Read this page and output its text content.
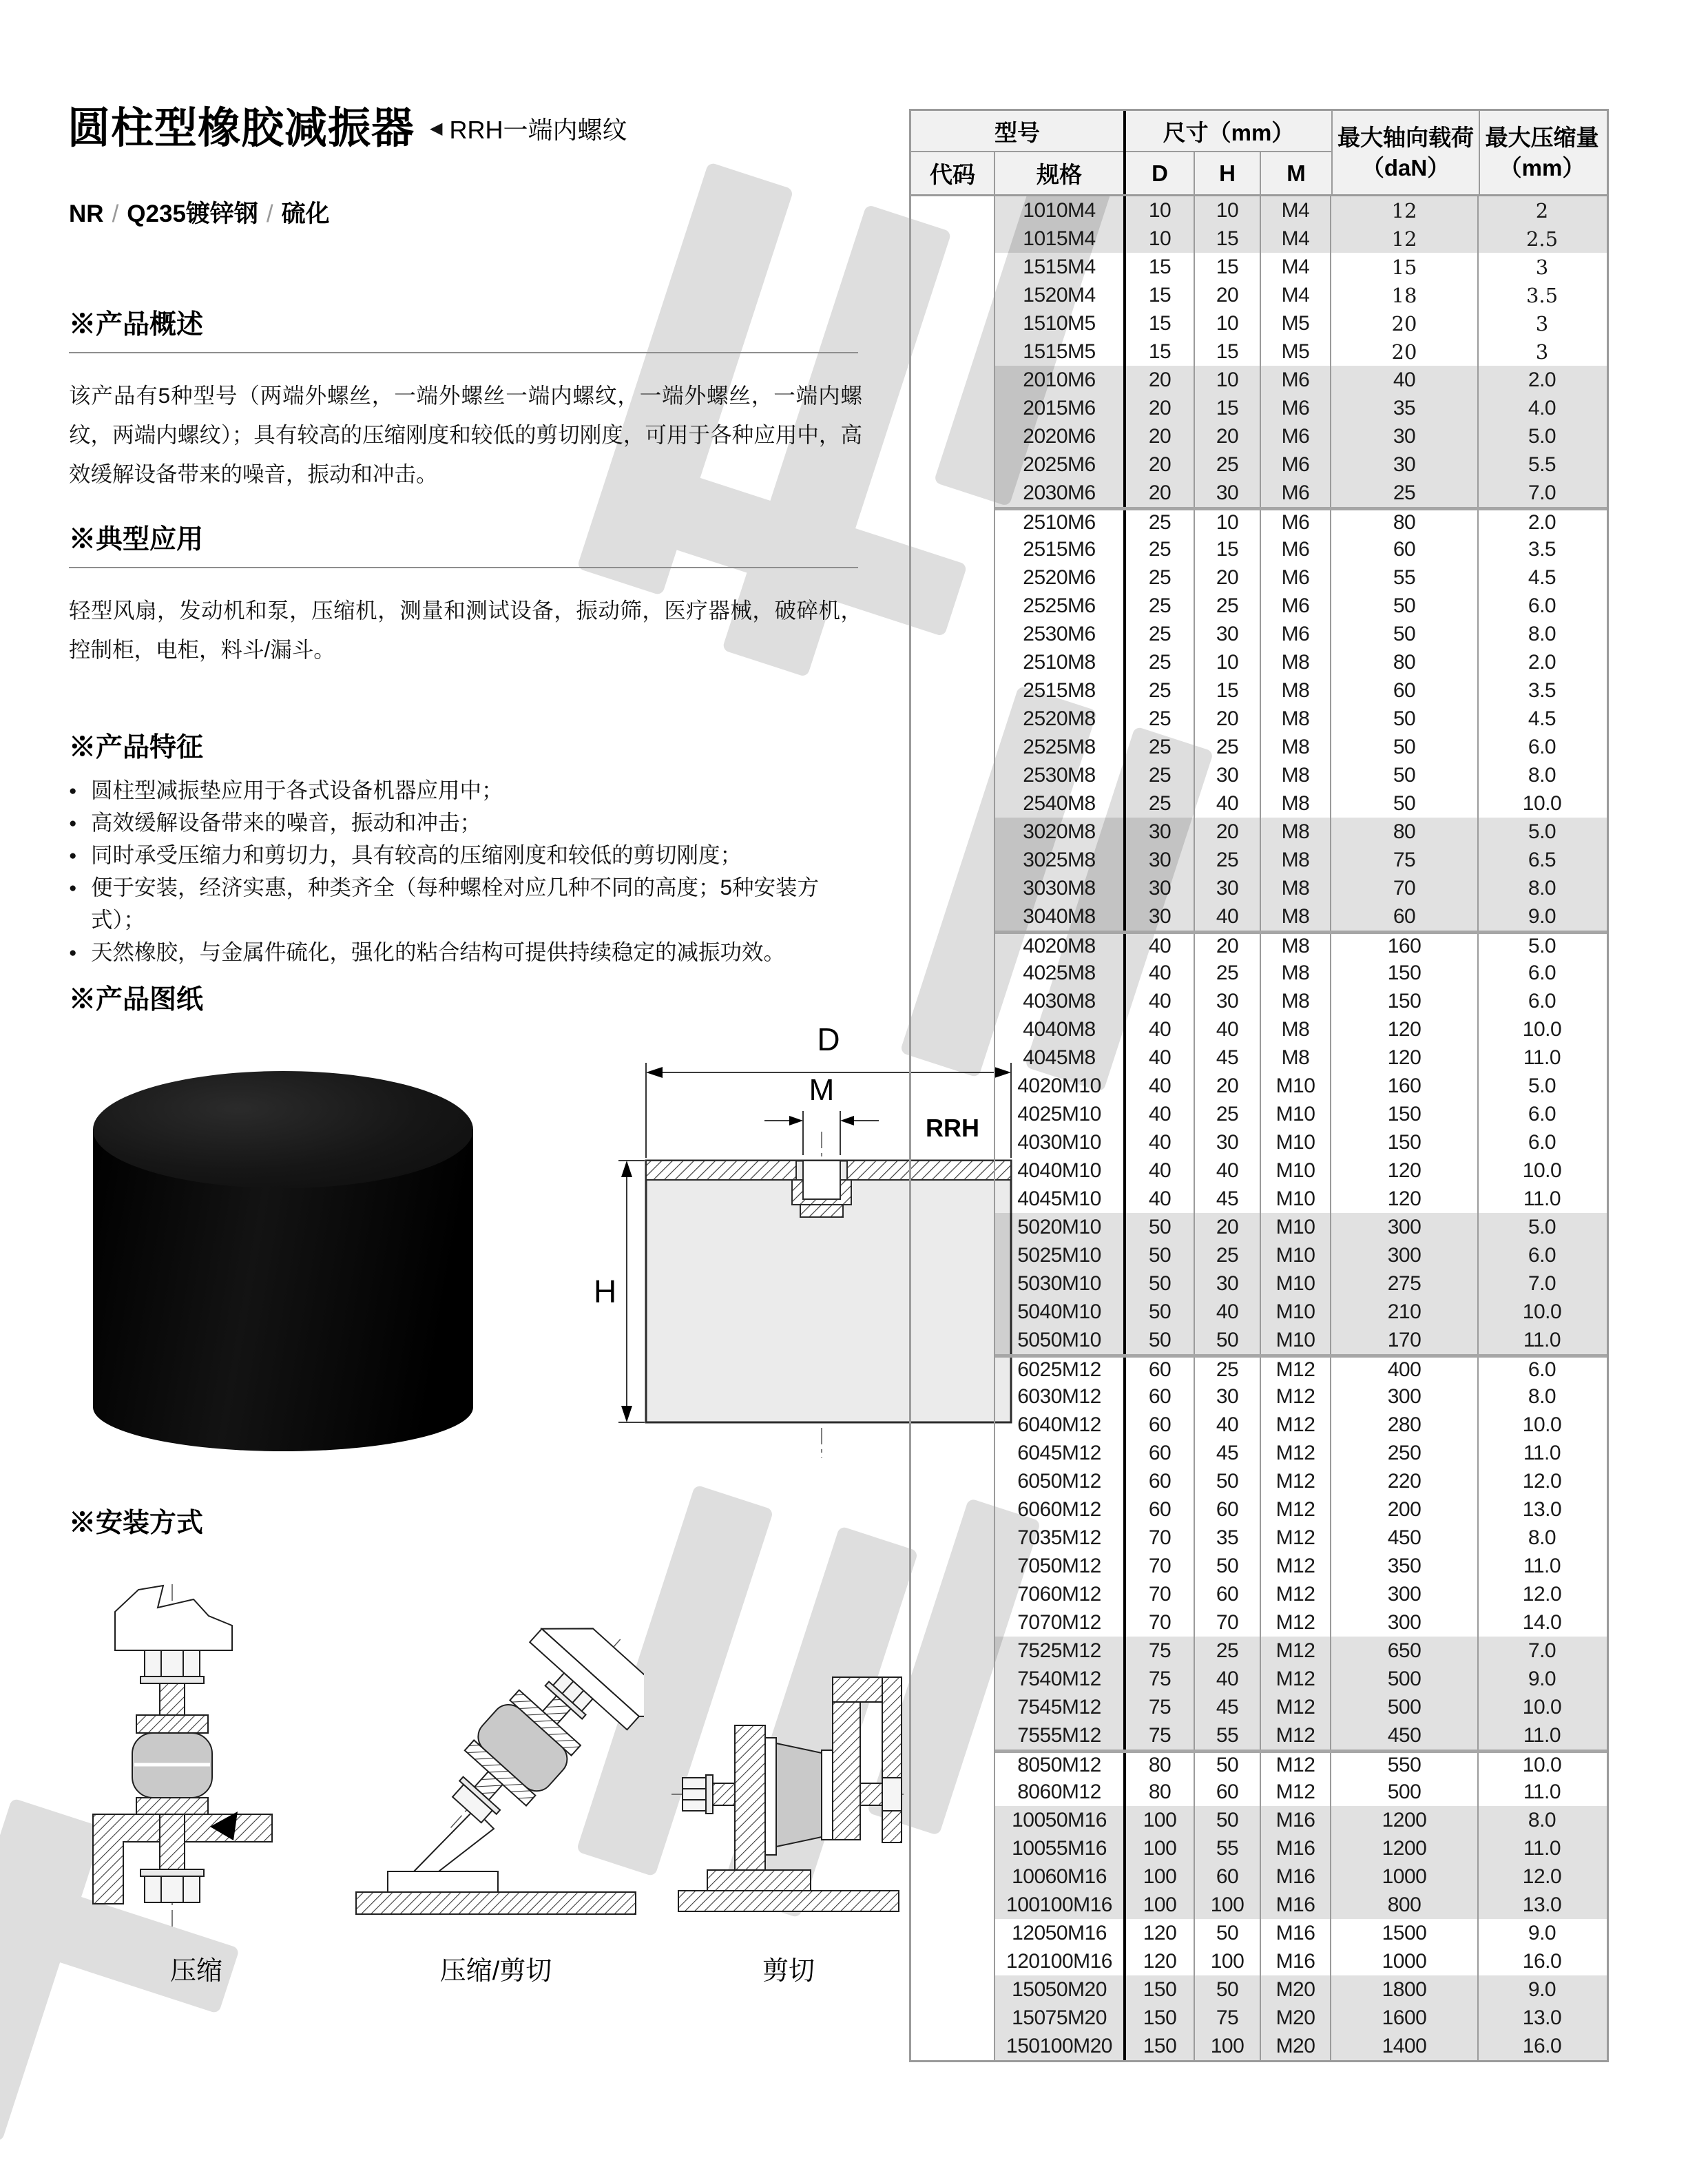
圆柱型橡胶减振器 ◀ RRH一端内螺纹
NR / Q235镀锌钢 / 硫化
※产品概述
该产品有5种型号（两端外螺丝，一端外螺丝一端内螺纹，一端外螺丝，一端内螺纹，两端内螺纹）；具有较高的压缩刚度和较低的剪切刚度，可用于各种应用中，高效缓解设备带来的噪音，振动和冲击。
※典型应用
轻型风扇，发动机和泵，压缩机，测量和测试设备，振动筛，医疗器械，破碎机，控制柜，电柜，料斗/漏斗。
※产品特征
● 圆柱型减振垫应用于各式设备机器应用中；
● 高效缓解设备带来的噪音，振动和冲击；
● 同时承受压缩力和剪切力，具有较高的压缩刚度和较低的剪切刚度；
● 便于安装，经济实惠，种类齐全（每种螺栓对应几种不同的高度；5种安装方式）；
● 天然橡胶，与金属件硫化，强化的粘合结构可提供持续稳定的减振功效。
※产品图纸
D
M
H
※安装方式
压缩	压缩/剪切	剪切
型号
代码	规格
尺寸（mm）
D	H	M
最大轴向载荷
（daN）
最大压缩量
（mm）
RRH
1010M4	10	10	M4	12	2
1015M4	10	15	M4	12	2.5
1515M4	15	15	M4	15	3
1520M4	15	20	M4	18	3.5
1510M5	15	10	M5	20	3
1515M5	15	15	M5	20	3
2010M6	20	10	M6	40	2.0
2015M6	20	15	M6	35	4.0
2020M6	20	20	M6	30	5.0
2025M6	20	25	M6	30	5.5
2030M6	20	30	M6	25	7.0
2510M6	25	10	M6	80	2.0
2515M6	25	15	M6	60	3.5
2520M6	25	20	M6	55	4.5
2525M6	25	25	M6	50	6.0
2530M6	25	30	M6	50	8.0
2510M8	25	10	M8	80	2.0
2515M8	25	15	M8	60	3.5
2520M8	25	20	M8	50	4.5
2525M8	25	25	M8	50	6.0
2530M8	25	30	M8	50	8.0
2540M8	25	40	M8	50	10.0
3020M8	30	20	M8	80	5.0
3025M8	30	25	M8	75	6.5
3030M8	30	30	M8	70	8.0
3040M8	30	40	M8	60	9.0
4020M8	40	20	M8	160	5.0
4025M8	40	25	M8	150	6.0
4030M8	40	30	M8	150	6.0
4040M8	40	40	M8	120	10.0
4045M8	40	45	M8	120	11.0
4020M10	40	20	M10	160	5.0
4025M10	40	25	M10	150	6.0
4030M10	40	30	M10	150	6.0
4040M10	40	40	M10	120	10.0
4045M10	40	45	M10	120	11.0
5020M10	50	20	M10	300	5.0
5025M10	50	25	M10	300	6.0
5030M10	50	30	M10	275	7.0
5040M10	50	40	M10	210	10.0
5050M10	50	50	M10	170	11.0
6025M12	60	25	M12	400	6.0
6030M12	60	30	M12	300	8.0
6040M12	60	40	M12	280	10.0
6045M12	60	45	M12	250	11.0
6050M12	60	50	M12	220	12.0
6060M12	60	60	M12	200	13.0
7035M12	70	35	M12	450	8.0
7050M12	70	50	M12	350	11.0
7060M12	70	60	M12	300	12.0
7070M12	70	70	M12	300	14.0
7525M12	75	25	M12	650	7.0
7540M12	75	40	M12	500	9.0
7545M12	75	45	M12	500	10.0
7555M12	75	55	M12	450	11.0
8050M12	80	50	M12	550	10.0
8060M12	80	60	M12	500	11.0
10050M16	100	50	M16	1200	8.0
10055M16	100	55	M16	1200	11.0
10060M16	100	60	M16	1000	12.0
100100M16	100	100	M16	800	13.0
12050M16	120	50	M16	1500	9.0
120100M16	120	100	M16	1000	16.0
15050M20	150	50	M20	1800	9.0
15075M20	150	75	M20	1600	13.0
150100M20	150	100	M20	1400	16.0
